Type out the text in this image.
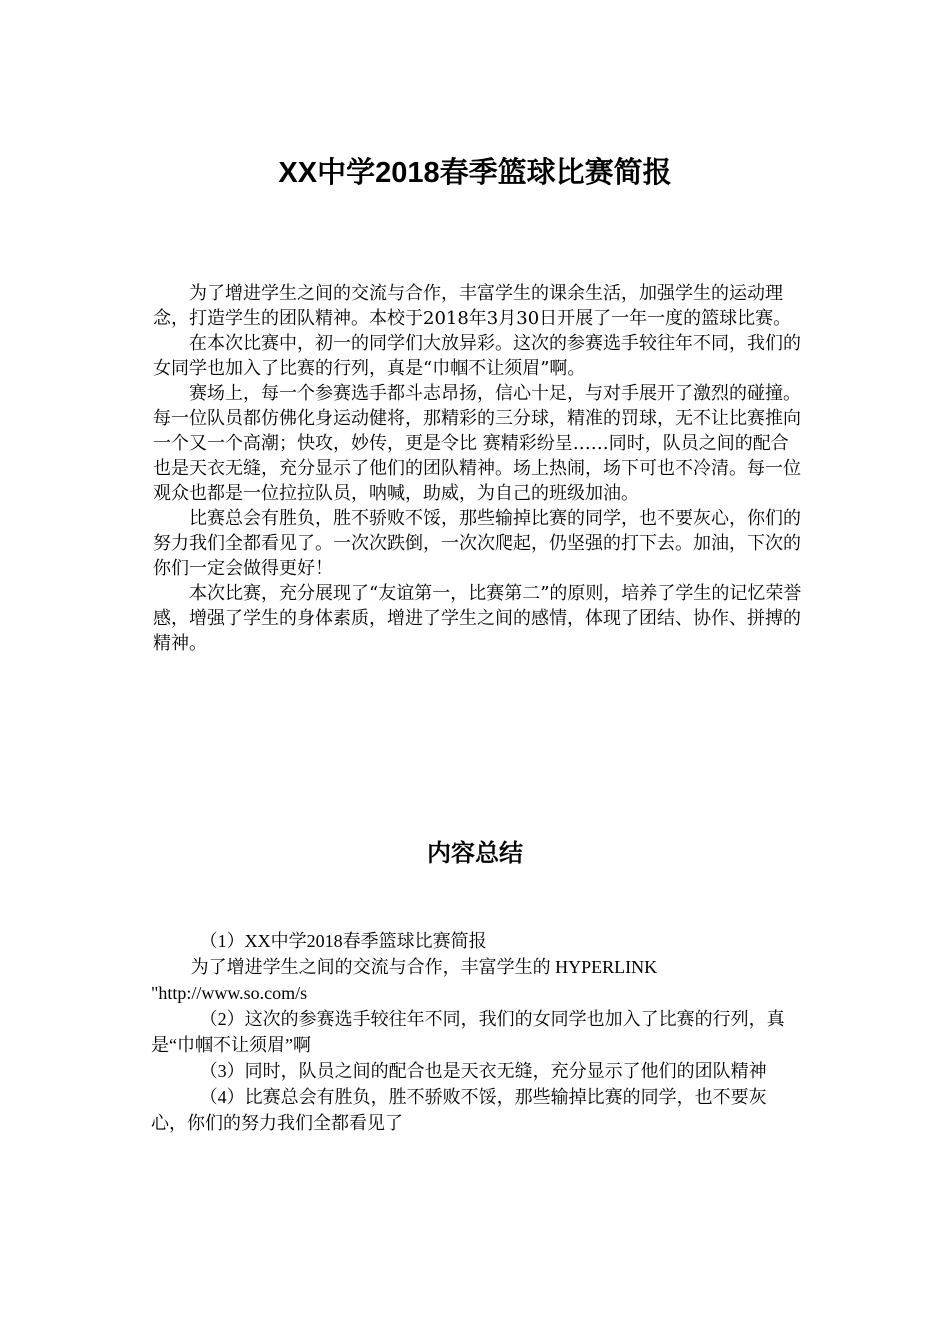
XX中学2018春季篮球比赛简报

为了增进学生之间的交流与合作，丰富学生的课余生活，加强学生的运动理念，打造学生的团队精神。本校于2018年3月30日开展了一年一度的篮球比赛。

在本次比赛中，初一的同学们大放异彩。这次的参赛选手较往年不同，我们的女同学也加入了比赛的行列，真是“巾帼不让须眉”啊。

赛场上，每一个参赛选手都斗志昂扬，信心十足，与对手展开了激烈的碰撞。每一位队员都仿佛化身运动健将，那精彩的三分球，精准的罚球，无不让比赛推向一个又一个高潮；快攻，妙传，更是令比 赛精彩纷呈……同时，队员之间的配合也是天衣无缝，充分显示了他们的团队精神。场上热闹，场下可也不冷清。每一位观众也都是一位拉拉队员，呐喊，助威，为自己的班级加油。

比赛总会有胜负，胜不骄败不馁，那些输掉比赛的同学，也不要灰心，你们的努力我们全都看见了。一次次跌倒，一次次爬起，仍坚强的打下去。加油，下次的你们一定会做得更好！

本次比赛，充分展现了“友谊第一，比赛第二”的原则，培养了学生的记忆荣誉感，增强了学生的身体素质，增进了学生之间的感情，体现了团结、协作、拼搏的精神。

内容总结

（1）XX中学2018春季篮球比赛简报

为了增进学生之间的交流与合作，丰富学生的 HYPERLINK "http://www.so.com/s

（2）这次的参赛选手较往年不同，我们的女同学也加入了比赛的行列，真是“巾帼不让须眉”啊

（3）同时，队员之间的配合也是天衣无缝，充分显示了他们的团队精神

（4）比赛总会有胜负，胜不骄败不馁，那些输掉比赛的同学，也不要灰心，你们的努力我们全都看见了
